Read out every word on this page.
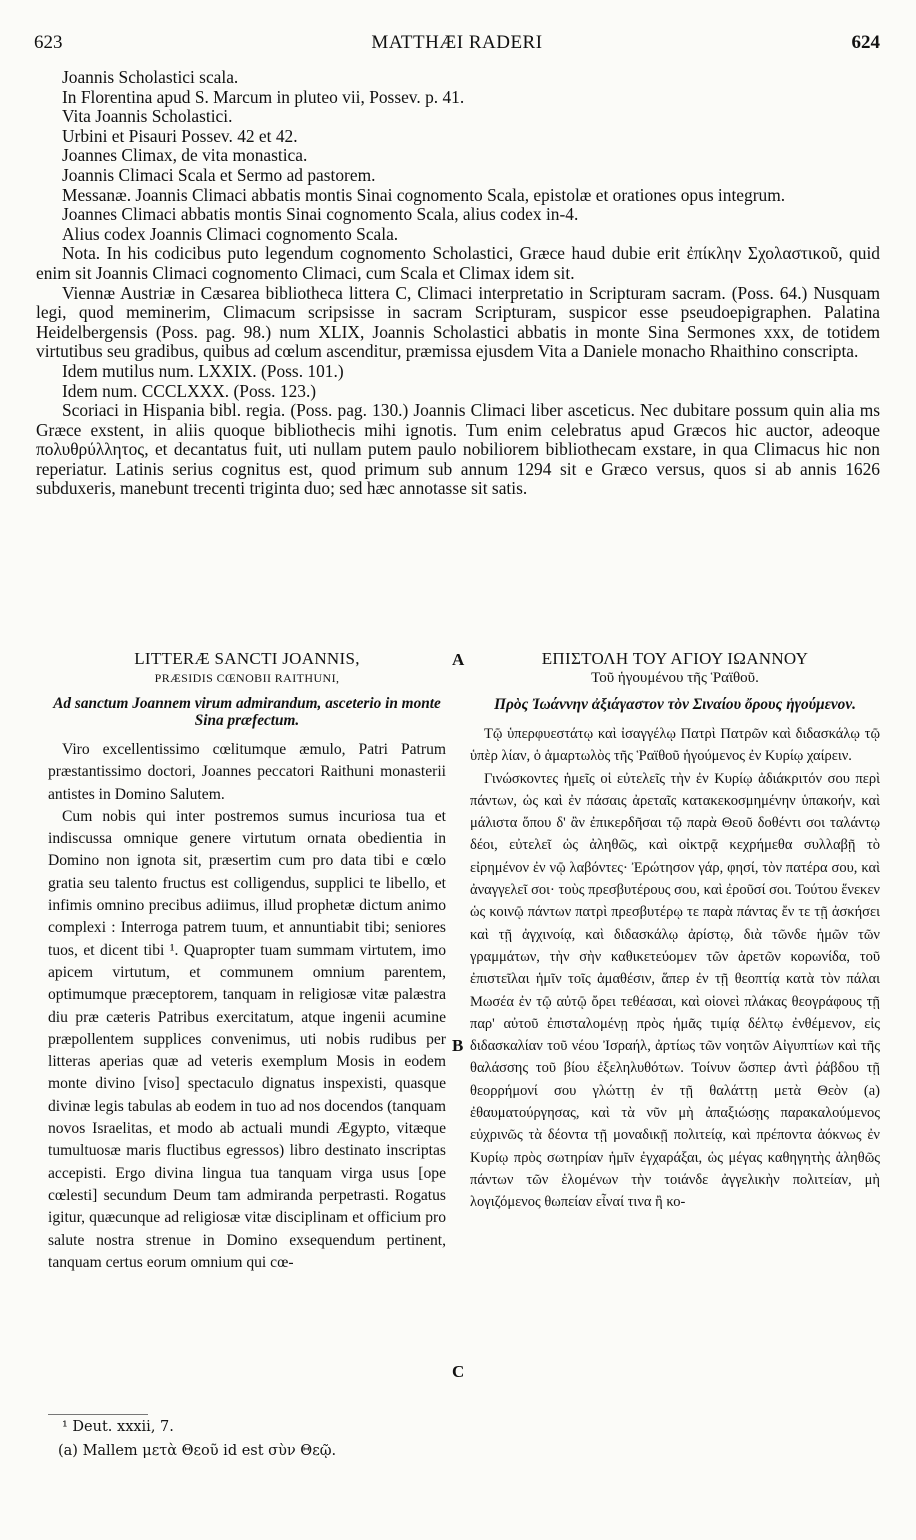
623	MATTHÆI RADERI	624

Joannis Scholastici scala.

In Florentina apud S. Marcum in pluteo vii, Possev. p. 41.

Vita Joannis Scholastici.

Urbini et Pisauri Possev. 42 et 42.

Joannes Climax, de vita monastica.

Joannis Climaci Scala et Sermo ad pastorem.

Messanæ. Joannis Climaci abbatis montis Sinai cognomento Scala, epistolæ et orationes opus integrum.

Joannes Climaci abbatis montis Sinai cognomento Scala, alius codex in-4.

Alius codex Joannis Climaci cognomento Scala.

Nota. In his codicibus puto legendum cognomento Scholastici, Græce haud dubie erit ἐπίκλην Σχολαστικοῦ, quid enim sit Joannis Climaci cognomento Climaci, cum Scala et Climax idem sit.

Viennæ Austriæ in Cæsarea bibliotheca littera C, Climaci interpretatio in Scripturam sacram. (Poss. 64.) Nusquam legi, quod meminerim, Climacum scripsisse in sacram Scripturam, suspicor esse pseudoepigraphen. Palatina Heidelbergensis (Poss. pag. 98.) num XLIX, Joannis Scholastici abbatis in monte Sina Sermones xxx, de totidem virtutibus seu gradibus, quibus ad cœlum ascenditur, præmissa ejusdem Vita a Daniele monacho Rhaithino conscripta.

Idem mutilus num. LXXIX. (Poss. 101.)

Idem num. CCCLXXX. (Poss. 123.)

Scoriaci in Hispania bibl. regia. (Poss. pag. 130.) Joannis Climaci liber asceticus. Nec dubitare possum quin alia ms Græce exstent, in aliis quoque bibliothecis mihi ignotis. Tum enim celebratus apud Græcos hic auctor, adeoque πολυθρύλλητος, et decantatus fuit, uti nullam putem paulo nobiliorem bibliothecam exstare, in qua Climacus hic non reperiatur. Latinis serius cognitus est, quod primum sub annum 1294 sit e Græco versus, quos si ab annis 1626 subduxeris, manebunt trecenti triginta duo; sed hæc annotasse sit satis.

LITTERÆ SANCTI JOANNIS,

PRÆSIDIS CŒNOBII RAITHUNI,

Ad sanctum Joannem virum admirandum, asceterio in monte Sina præfectum.

Viro excellentissimo cœlitumque æmulo, Patri Patrum præstantissimo doctori, Joannes peccatori Raithuni monasterii antistes in Domino Salutem.

Cum nobis qui inter postremos sumus incuriosa tua et indiscussa omnique genere virtutum ornata obedientia in Domino non ignota sit, præsertim cum pro data tibi e cœlo gratia seu talento fructus est colligendus, supplici te libello, et infimis omnino precibus adiimus, illud prophetæ dictum animo complexi : Interroga patrem tuum, et annuntiabit tibi; seniores tuos, et dicent tibi ¹. Quapropter tuam summam virtutem, imo apicem virtutum, et communem omnium parentem, optimumque præceptorem, tanquam in religiosæ vitæ palæstra diu præ cæteris Patribus exercitatum, atque ingenii acumine præpollentem supplices convenimus, uti nobis rudibus per litteras aperias quæ ad veteris exemplum Mosis in eodem monte divino [viso] spectaculo dignatus inspexisti, quasque divinæ legis tabulas ab eodem in tuo ad nos docendos (tanquam novos Israelitas, et modo ab actuali mundi Ægypto, vitæque tumultuosæ maris fluctibus egressos) libro destinato inscriptas accepisti. Ergo divina lingua tua tanquam virga usus [ope cœlesti] secundum Deum tam admiranda perpetrasti. Rogatus igitur, quæcunque ad religiosæ vitæ disciplinam et officium pro salute nostra strenue in Domino exsequendum pertinent, tanquam certus eorum omnium qui cœ-

¹ Deut. xxxii, 7.

(a) Mallem μετὰ Θεοῦ id est σὺν Θεῷ.

ΕΠΙΣΤΟΛΗ ΤΟΥ ΑΓΙΟΥ ΙΩΑΝΝΟΥ

Τοῦ ἡγουμένου τῆς Ῥαϊθοῦ.

Πρὸς Ἰωάννην ἀξιάγαστον τὸν Σιναίου ὄρους ἡγούμενον.

Τῷ ὑπερφυεστάτῳ καὶ ἰσαγγέλῳ Πατρὶ Πατρῶν καὶ διδασκάλῳ τῷ ὑπὲρ λίαν, ὁ ἁμαρτωλὸς τῆς Ῥαϊθοῦ ἡγούμενος ἐν Κυρίῳ χαίρειν.

Γινώσκοντες ἡμεῖς οἱ εὐτελεῖς τὴν ἐν Κυρίῳ ἀδιάκριτόν σου περὶ πάντων, ὡς καὶ ἐν πάσαις ἀρεταῖς κατακεκοσμημένην ὑπακοήν, καὶ μάλιστα ὅπου δ' ἂν ἐπικερδῆσαι τῷ παρὰ Θεοῦ δοθέντι σοι ταλάντῳ δέοι, εὐτελεῖ ὡς ἀληθῶς, καὶ οἰκτρᾷ κεχρήμεθα συλλαβῇ τὸ εἰρημένον ἐν νῷ λαβόντες· Ἐρώτησον γάρ, φησί, τὸν πατέρα σου, καὶ ἀναγγελεῖ σοι· τοὺς πρεσβυτέρους σου, καὶ ἐροῦσί σοι. Τούτου ἕνεκεν ὡς κοινῷ πάντων πατρὶ πρεσβυτέρῳ τε παρὰ πάντας ἔν τε τῇ ἀσκήσει καὶ τῇ ἀγχινοίᾳ, καὶ διδασκάλῳ ἀρίστῳ, διὰ τῶνδε ἡμῶν τῶν γραμμάτων, τὴν σὴν καθικετεύομεν τῶν ἀρετῶν κορωνίδα, τοῦ ἐπιστεῖλαι ἡμῖν τοῖς ἀμαθέσιν, ἅπερ ἐν τῇ θεοπτίᾳ κατὰ τὸν πάλαι Μωσέα ἐν τῷ αὐτῷ ὄρει τεθέασαι, καὶ οἱονεὶ πλάκας θεογράφους τῇ παρ' αὐτοῦ ἐπισταλομένῃ πρὸς ἡμᾶς τιμίᾳ δέλτῳ ἐνθέμενον, εἰς διδασκαλίαν τοῦ νέου Ἰσραήλ, ἀρτίως τῶν νοητῶν Αἰγυπτίων καὶ τῆς θαλάσσης τοῦ βίου ἐξεληλυθότων. Τοίνυν ὥσπερ ἀντὶ ῥάβδου τῇ θεορρήμονί σου γλώττῃ ἐν τῇ θαλάττῃ μετὰ Θεὸν (a) ἐθαυματούργησας, καὶ τὰ νῦν μὴ ἀπαξιώσῃς παρακαλούμενος εὐχρινῶς τὰ δέοντα τῇ μοναδικῇ πολιτείᾳ, καὶ πρέποντα ἀόκνως ἐν Κυρίῳ πρὸς σωτηρίαν ἡμῖν ἐγχαράξαι, ὡς μέγας καθηγητὴς ἀληθῶς πάντων τῶν ἑλομένων τὴν τοιάνδε ἀγγελικὴν πολιτείαν, μὴ λογιζόμενος θωπείαν εἶναί τινα ἢ κο-

A
B
C
